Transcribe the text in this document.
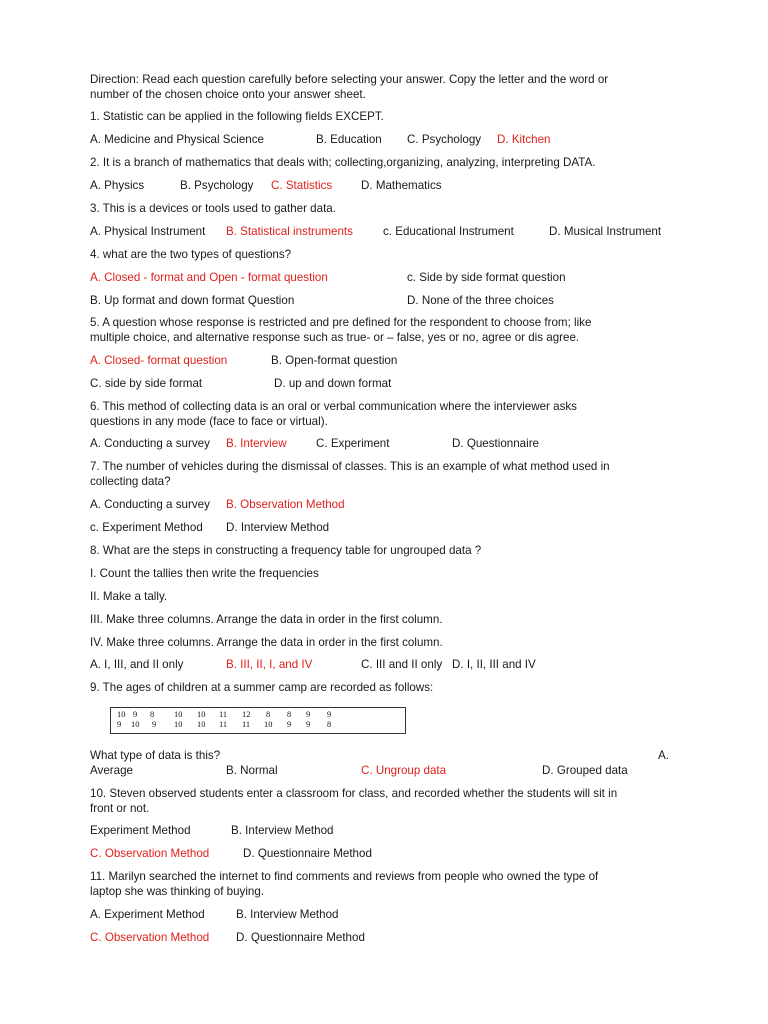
Direction: Read each question carefully before selecting your answer. Copy the letter and the word or
number of the chosen choice onto your answer sheet.
1. Statistic can be applied in the following fields EXCEPT.
A. Medicine and Physical Science	B. Education C. Psychology D. Kitchen
2. It is a branch of mathematics that deals with; collecting,organizing, analyzing, interpreting DATA.
A. Physics	B. Psychology C. Statistics D. Mathematics
3. This is a devices or tools used to gather data.
A. Physical Instrument B. Statistical instruments	c. Educational Instrument	D. Musical Instrument
4. what are the two types of questions?
A. Closed - format and Open - format question	c. Side by side format question
B. Up format and down format Question	D. None of the three choices
5. A question whose response is restricted and pre defined for the respondent to choose from; like
multiple choice, and alternative response such as true- or – false, yes or no, agree or dis agree.
A. Closed- format question	B. Open-format question
C. side by side format	D. up and down format
6. This method of collecting data is an oral or verbal communication where the interviewer asks
questions in any mode (face to face or virtual).
A. Conducting a survey B. Interview	C. Experiment	D. Questionnaire
7. The number of vehicles during the dismissal of classes. This is an example of what method used in
collecting data?
A. Conducting a survey B. Observation Method
c. Experiment Method D. Interview Method
8. What are the steps in constructing a frequency table for ungrouped data ?
I. Count the tallies then write the frequencies
II. Make a tally.
III. Make three columns. Arrange the data in order in the first column.
IV. Make three columns. Arrange the data in order in the first column.
A. I, III, and II only	B. III, II, I, and IV	C. III and II only D. I, II, III and IV
9. The ages of children at a summer camp are recorded as follows:
10 9 8 10 10 11 12 8 8 9 9
9 10 9 10 10 11 11 10 9 9 8
What type of data is this?	A.
Average	B. Normal	C. Ungroup data	D. Grouped data
10. Steven observed students enter a classroom for class, and recorded whether the students will sit in
front or not.
Experiment Method	B. Interview Method
C. Observation Method	D. Questionnaire Method
11. Marilyn searched the internet to find comments and reviews from people who owned the type of
laptop she was thinking of buying.
A. Experiment Method	B. Interview Method
C. Observation Method D. Questionnaire Method
